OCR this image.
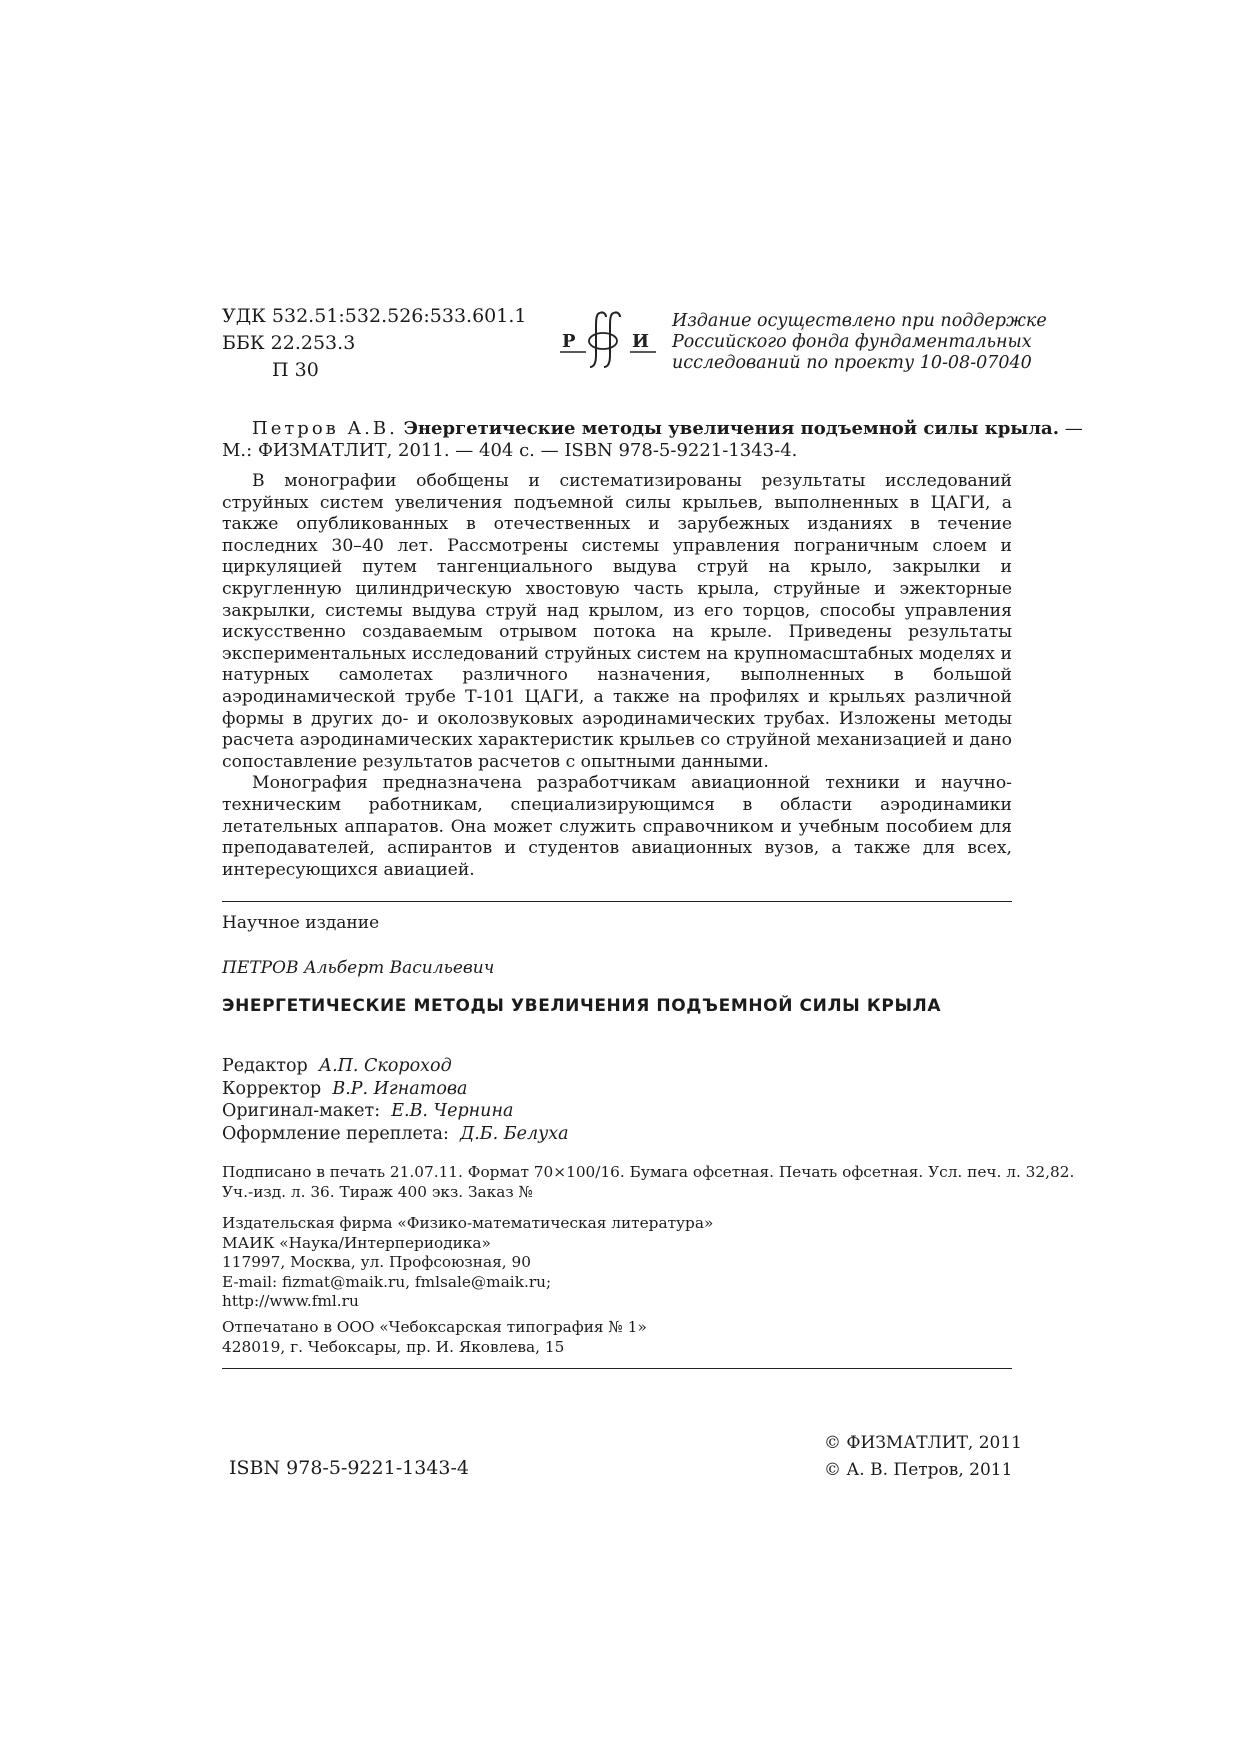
УДК 532.51:532.526:533.601.1
ББК 22.253.3
П 30
Р	И
Издание осуществлено при поддержке
Российского фонда фундаментальных
исследований по проекту 10-08-07040
Петров А.В. Энергетические методы увеличения подъемной силы крыла. —
М.: ФИЗМАТЛИТ, 2011. — 404 с. — ISBN 978-5-9221-1343-4.

В монографии обобщены и систематизированы результаты исследований струйных систем увеличения подъемной силы крыльев, выполненных в ЦАГИ, а также опубликованных в отечественных и зарубежных изданиях в течение последних 30–40 лет. Рассмотрены системы управления пограничным слоем и циркуляцией путем тангенциального выдува струй на крыло, закрылки и скругленную цилиндрическую хвостовую часть крыла, струйные и эжекторные закрылки, системы выдува струй над крылом, из его торцов, способы управления искусственно создаваемым отрывом потока на крыле. Приведены результаты экспериментальных исследований струйных систем на крупномасштабных моделях и натурных самолетах различного назначения, выполненных в большой аэродинамической трубе Т-101 ЦАГИ, а также на профилях и крыльях различной формы в других до- и околозвуковых аэродинамических трубах. Изложены методы расчета аэродинамических характеристик крыльев со струйной механизацией и дано сопоставление результатов расчетов с опытными данными.

Монография предназначена разработчикам авиационной техники и научно-техническим работникам, специализирующимся в области аэродинамики летательных аппаратов. Она может служить справочником и учебным пособием для преподавателей, аспирантов и студентов авиационных вузов, а также для всех, интересующихся авиацией.

Научное издание
ПЕТРОВ Альберт Васильевич
ЭНЕРГЕТИЧЕСКИЕ МЕТОДЫ УВЕЛИЧЕНИЯ ПОДЪЕМНОЙ СИЛЫ КРЫЛА
Редактор А.П. Скороход
Корректор В.Р. Игнатова
Оригинал-макет: Е.В. Чернина
Оформление переплета: Д.Б. Белуха
Подписано в печать 21.07.11. Формат 70×100/16. Бумага офсетная. Печать офсетная. Усл. печ. л. 32,82.
Уч.-изд. л. 36. Тираж 400 экз. Заказ №
Издательская фирма «Физико-математическая литература»
МАИК «Наука/Интерпериодика»
117997, Москва, ул. Профсоюзная, 90
E-mail: fizmat@maik.ru, fmlsale@maik.ru;
http://www.fml.ru
Отпечатано в ООО «Чебоксарская типография № 1»
428019, г. Чебоксары, пр. И. Яковлева, 15
ISBN 978-5-9221-1343-4
© ФИЗМАТЛИТ, 2011
© А. В. Петров, 2011
